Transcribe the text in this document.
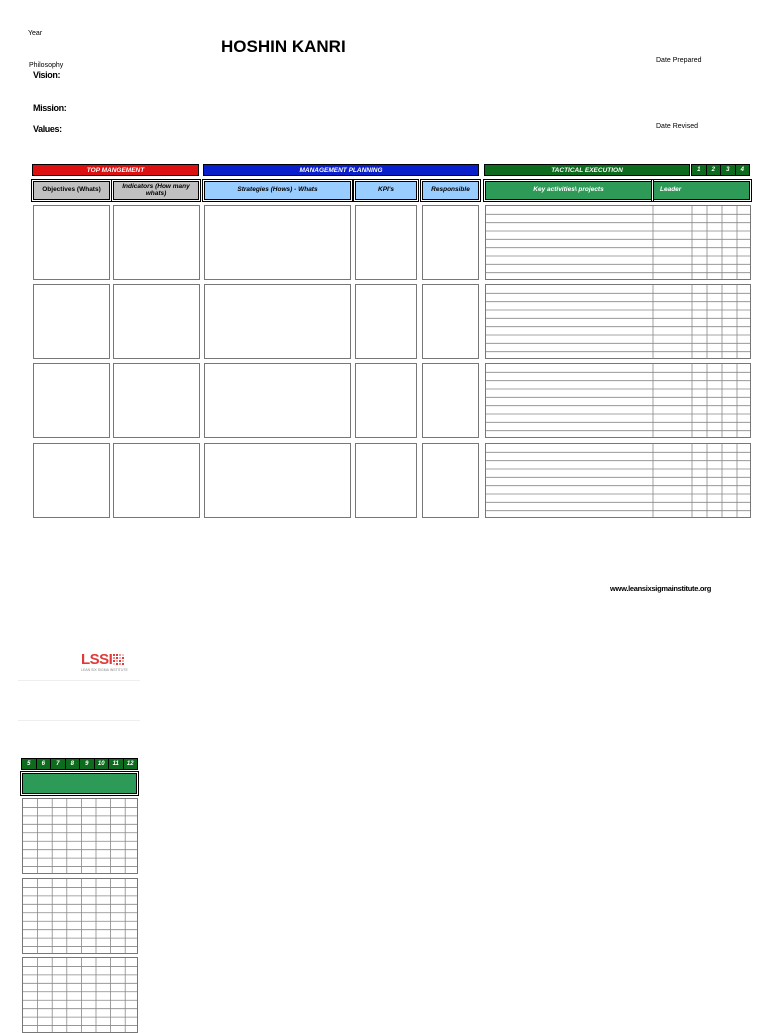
Year
HOSHIN KANRI
Philosophy
Vision:
Mission:
Values:
Date Prepared
Date Revised
TOP MANGEMENT	MANAGEMENT PLANNING	TACTICAL EXECUTION	1	2	3	4
Objectives (Whats)	Indicators (How many whats)	Strategies (Hows) - Whats	KPI's	Responsible	Key activities\ projects	Leader
www.leansixsigmainstitute.org
LSSI
LEAN SIX SIGMA INSTITUTE
5	6	7	8	9	10	11	12
